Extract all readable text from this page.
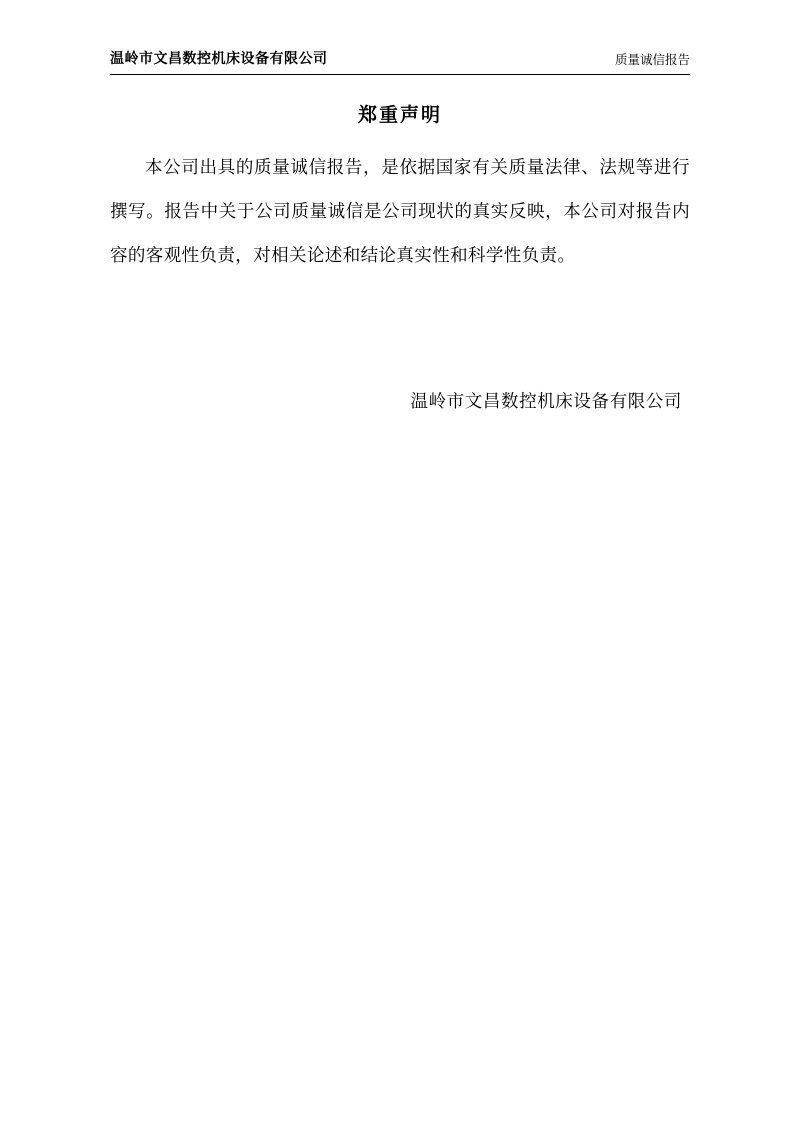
温岭市文昌数控机床设备有限公司	质量诚信报告
郑重声明
本公司出具的质量诚信报告，是依据国家有关质量法律、法规等进行撰写。报告中关于公司质量诚信是公司现状的真实反映，本公司对报告内容的客观性负责，对相关论述和结论真实性和科学性负责。
温岭市文昌数控机床设备有限公司
